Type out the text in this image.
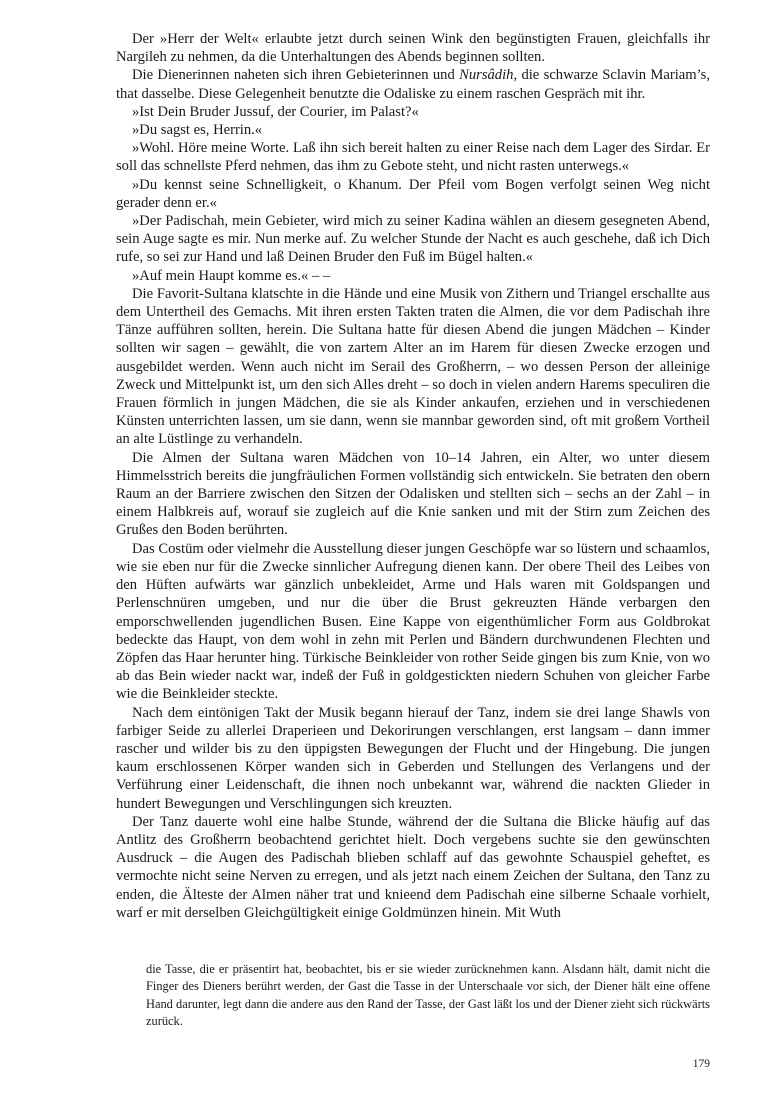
Der »Herr der Welt« erlaubte jetzt durch seinen Wink den begünstigten Frauen, gleichfalls ihr Nargileh zu nehmen, da die Unterhaltungen des Abends beginnen sollten.

Die Dienerinnen naheten sich ihren Gebieterinnen und Nursâdih, die schwarze Sclavin Mariam’s, that dasselbe. Diese Gelegenheit benutzte die Odaliske zu einem raschen Gespräch mit ihr.

»Ist Dein Bruder Jussuf, der Courier, im Palast?«

»Du sagst es, Herrin.«

»Wohl. Höre meine Worte. Laß ihn sich bereit halten zu einer Reise nach dem Lager des Sirdar. Er soll das schnellste Pferd nehmen, das ihm zu Gebote steht, und nicht rasten unterwegs.«

»Du kennst seine Schnelligkeit, o Khanum. Der Pfeil vom Bogen verfolgt seinen Weg nicht gerader denn er.«

»Der Padischah, mein Gebieter, wird mich zu seiner Kadina wählen an diesem gesegneten Abend, sein Auge sagte es mir. Nun merke auf. Zu welcher Stunde der Nacht es auch geschehe, daß ich Dich rufe, so sei zur Hand und laß Deinen Bruder den Fuß im Bügel halten.«

»Auf mein Haupt komme es.« – –

Die Favorit-Sultana klatschte in die Hände und eine Musik von Zithern und Triangel erschallte aus dem Untertheil des Gemachs. Mit ihren ersten Takten traten die Almen, die vor dem Padischah ihre Tänze aufführen sollten, herein. Die Sultana hatte für diesen Abend die jungen Mädchen – Kinder sollten wir sagen – gewählt, die von zartem Alter an im Harem für diesen Zwecke erzogen und ausgebildet werden. Wenn auch nicht im Serail des Großherrn, – wo dessen Person der alleinige Zweck und Mittelpunkt ist, um den sich Alles dreht – so doch in vielen andern Harems speculiren die Frauen förmlich in jungen Mädchen, die sie als Kinder ankaufen, erziehen und in verschiedenen Künsten unterrichten lassen, um sie dann, wenn sie mannbar geworden sind, oft mit großem Vortheil an alte Lüstlinge zu verhandeln.

Die Almen der Sultana waren Mädchen von 10–14 Jahren, ein Alter, wo unter diesem Himmelsstrich bereits die jungfräulichen Formen vollständig sich entwickeln. Sie betraten den obern Raum an der Barriere zwischen den Sitzen der Odalisken und stellten sich – sechs an der Zahl – in einem Halbkreis auf, worauf sie zugleich auf die Knie sanken und mit der Stirn zum Zeichen des Grußes den Boden berührten.

Das Costüm oder vielmehr die Ausstellung dieser jungen Geschöpfe war so lüstern und schaamlos, wie sie eben nur für die Zwecke sinnlicher Aufregung dienen kann. Der obere Theil des Leibes von den Hüften aufwärts war gänzlich unbekleidet, Arme und Hals waren mit Goldspangen und Perlenschnüren umgeben, und nur die über die Brust gekreuzten Hände verbargen den emporschwellenden jugendlichen Busen. Eine Kappe von eigenthümlicher Form aus Goldbrokat bedeckte das Haupt, von dem wohl in zehn mit Perlen und Bändern durchwundenen Flechten und Zöpfen das Haar herunter hing. Türkische Beinkleider von rother Seide gingen bis zum Knie, von wo ab das Bein wieder nackt war, indeß der Fuß in goldgestickten niedern Schuhen von gleicher Farbe wie die Beinkleider steckte.

Nach dem eintönigen Takt der Musik begann hierauf der Tanz, indem sie drei lange Shawls von farbiger Seide zu allerlei Draperieen und Dekorirungen verschlangen, erst langsam – dann immer rascher und wilder bis zu den üppigsten Bewegungen der Flucht und der Hingebung. Die jungen kaum erschlossenen Körper wanden sich in Geberden und Stellungen des Verlangens und der Verführung einer Leidenschaft, die ihnen noch unbekannt war, während die nackten Glieder in hundert Bewegungen und Verschlingungen sich kreuzten.

Der Tanz dauerte wohl eine halbe Stunde, während der die Sultana die Blicke häufig auf das Antlitz des Großherrn beobachtend gerichtet hielt. Doch vergebens suchte sie den gewünschten Ausdruck – die Augen des Padischah blieben schlaff auf das gewohnte Schauspiel geheftet, es vermochte nicht seine Nerven zu erregen, und als jetzt nach einem Zeichen der Sultana, den Tanz zu enden, die Älteste der Almen näher trat und knieend dem Padischah eine silberne Schaale vorhielt, warf er mit derselben Gleichgültigkeit einige Goldmünzen hinein. Mit Wuth

die Tasse, die er präsentirt hat, beobachtet, bis er sie wieder zurücknehmen kann. Alsdann hält, damit nicht die Finger des Dieners berührt werden, der Gast die Tasse in der Unterschaale vor sich, der Diener hält eine offene Hand darunter, legt dann die andere aus den Rand der Tasse, der Gast läßt los und der Diener zieht sich rückwärts zurück.

179
